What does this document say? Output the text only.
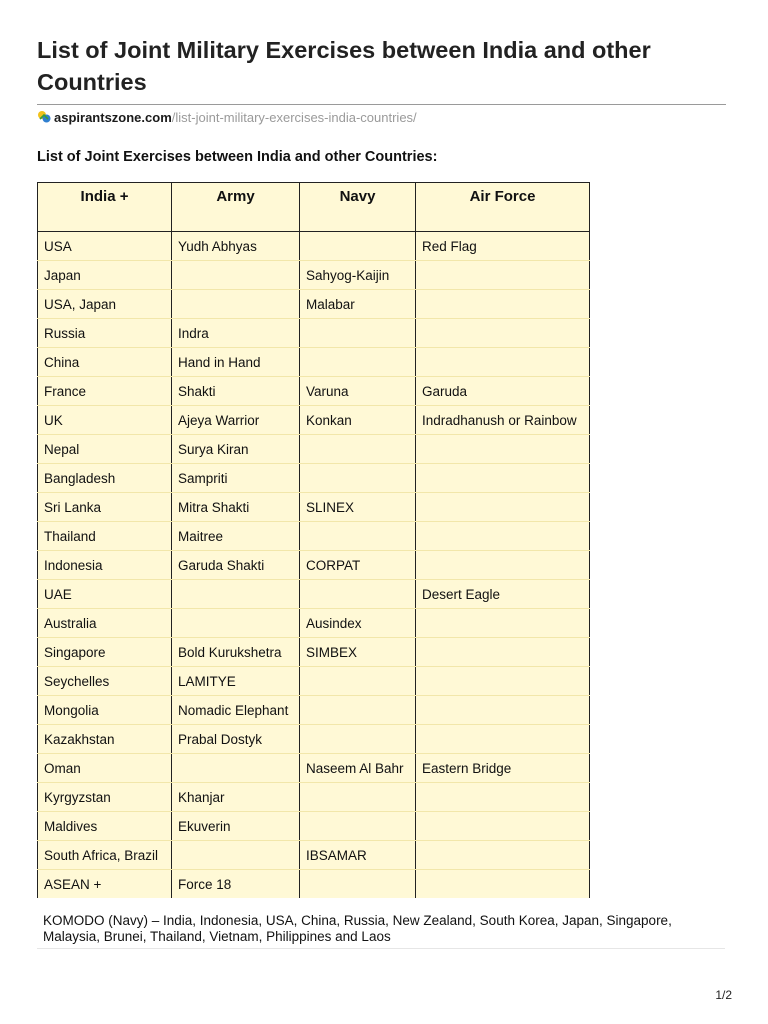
List of Joint Military Exercises between India and other Countries
aspirantszone.com/list-joint-military-exercises-india-countries/
List of Joint Exercises between India and other Countries:
India +	Army	Navy	Air Force
USA	Yudh Abhyas		Red Flag
Japan		Sahyog-Kaijin	
USA, Japan		Malabar	
Russia	Indra		
China	Hand in Hand		
France	Shakti	Varuna	Garuda
UK	Ajeya Warrior	Konkan	Indradhanush or Rainbow
Nepal	Surya Kiran		
Bangladesh	Sampriti		
Sri Lanka	Mitra Shakti	SLINEX	
Thailand	Maitree		
Indonesia	Garuda Shakti	CORPAT	
UAE			Desert Eagle
Australia		Ausindex	
Singapore	Bold Kurukshetra	SIMBEX	
Seychelles	LAMITYE		
Mongolia	Nomadic Elephant		
Kazakhstan	Prabal Dostyk		
Oman		Naseem Al Bahr	Eastern Bridge
Kyrgyzstan	Khanjar		
Maldives	Ekuverin		
South Africa, Brazil		IBSAMAR	
ASEAN +	Force 18		
KOMODO (Navy) – India, Indonesia, USA, China, Russia, New Zealand, South Korea, Japan, Singapore, Malaysia, Brunei, Thailand, Vietnam, Philippines and Laos
1/2
